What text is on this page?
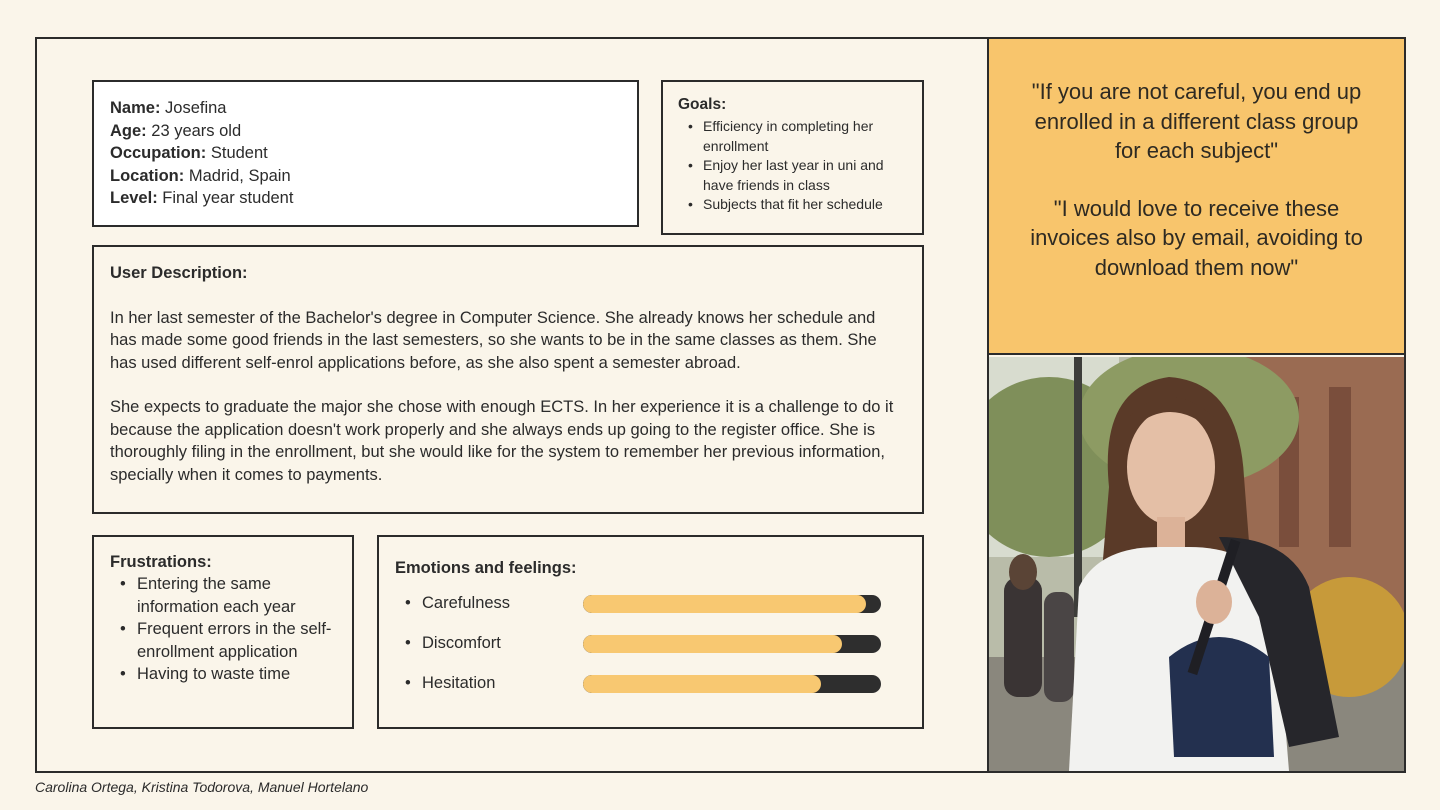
Name: Josefina
Age: 23 years old
Occupation: Student
Location: Madrid, Spain
Level: Final year student
Goals:
• Efficiency in completing her enrollment
• Enjoy her last year in uni and have friends in class
• Subjects that fit her schedule
User Description:

In her last semester of the Bachelor's degree in Computer Science. She already knows her schedule and has made some good friends in the last semesters, so she wants to be in the same classes as them. She has used different self-enrol applications before, as she also spent a semester abroad.

She expects to graduate the major she chose with enough ECTS. In her experience it is a challenge to do it because the application doesn't work properly and she always ends up going to the register office. She is thoroughly filing in the enrollment, but she would like for the system to remember her previous information, specially when it comes to payments.

Frustrations:
• Entering the same information each year
• Frequent errors in the self-enrollment application
• Having to waste time
Emotions and feelings:
• Carefulness
• Discomfort
• Hesitation

"If you are not careful, you end up enrolled in a different class group for each subject"

"I would love to receive these invoices also by email, avoiding to download them now"

Carolina Ortega, Kristina Todorova, Manuel Hortelano
